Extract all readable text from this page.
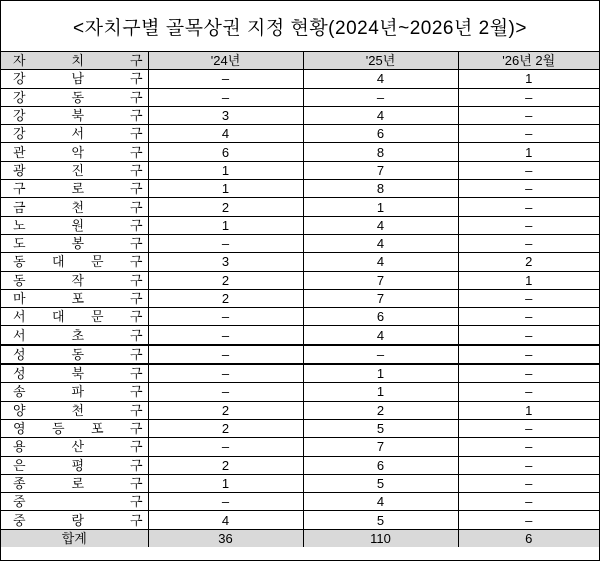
<자치구별 골목상권 지정 현황(2024년~2026년 2월)>
자 치 구	'24년	'25년	'26년 2월

강 남 구	–	4	1

강 동 구	–	–	–

강 북 구	3	4	–

강 서 구	4	6	–

관 악 구	6	8	1

광 진 구	1	7	–

구 로 구	1	8	–

금 천 구	2	1	–

노 원 구	1	4	–

도 봉 구	–	4	–

동 대 문 구	3	4	2

동 작 구	2	7	1

마 포 구	2	7	–

서 대 문 구	–	6	–

서 초 구	–	4	–

성 동 구	–	–	–

성 북 구	–	1	–

송 파 구	–	1	–

양 천 구	2	2	1

영 등 포 구	2	5	–

용 산 구	–	7	–

은 평 구	2	6	–

종 로 구	1	5	–

중 구	–	4	–

중 랑 구	4	5	–
합계	36	110	6
